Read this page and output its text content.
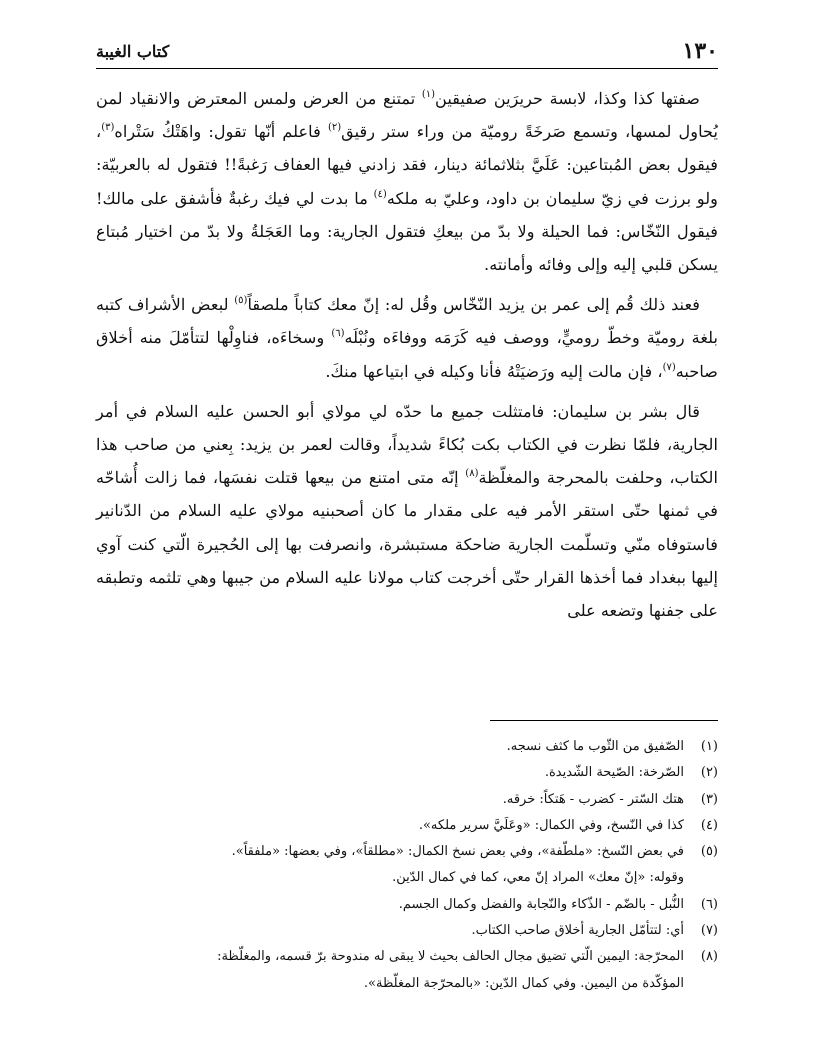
١٣٠
كتاب الغيبة

صفتها كذا وكذا، لابسة حريرَين صفيقين$^{(١)}$ تمتنع من العرض ولمس المعترض والانقياد لمن يُحاول لمسها، وتسمع صَرخَةً روميّة من وراء ستر رقيق$^{(٢)}$ فاعلم أنّها تقول: واهَتْكُ سَتْراه$^{(٣)}$، فيقول بعض المُبتاعين: عَلَيَّ بثلاثمائة دينار، فقد زادني فيها العفاف رَغبةً!! فتقول له بالعربيّة: ولو برزت في زيّ سليمان بن داود، وعليّ به ملكه$^{(٤)}$ ما بدت لي فيك رغبةٌ فأشفق على مالك! فيقول النّخّاس: فما الحيلة ولا بدّ من بيعكِ فتقول الجارية: وما العَجَلةُ ولا بدّ من اختيار مُبتاع يسكن قلبي إليه وإلى وفائه وأمانته.

فعند ذلك قُم إلى عمر بن يزيد النّخّاس وقُل له: إنّ معك كتاباً ملصقاً$^{(٥)}$ لبعض الأشراف كتبه بلغة روميّة وخطّ روميٍّ، ووصف فيه كَرَمَه ووفاءَه ونُبْلَه$^{(٦)}$ وسخاءَه، فناوِلْها لتتأمّلَ منه أخلاق صاحبه$^{(٧)}$، فإن مالت إليه ورَضيَتْهُ فأنا وكيله في ابتياعها منكَ.

قال بشر بن سليمان: فامتثلت جميع ما حدّه لي مولاي أبو الحسن عليه السلام في أمر الجارية، فلمّا نظرت في الكتاب بكت بُكاءً شديداً، وقالت لعمر بن يزيد: بِعني من صاحب هذا الكتاب، وحلفت بالمحرجة والمغلّظة$^{(٨)}$ إنّه متى امتنع من بيعها قتلت نفسَها، فما زالت أُشاحّه في ثمنها حتّى استقر الأمر فيه على مقدار ما كان أصحبنيه مولاي عليه السلام من الدّنانير فاستوفاه منّي وتسلّمت الجارية ضاحكة مستبشرة، وانصرفت بها إلى الحُجيرة الّتي كنت آوي إليها ببغداد فما أخذها القرار حتّى أخرجت كتاب مولانا عليه السلام من جيبها وهي تلثمه وتطبقه على جفنها وتضعه على

(١)
الصّفيق من الثّوب ما كثف نسجه.
(٢)
الصّرخة: الصّيحة الشّديدة.
(٣)
هتك السّتر - كضرب - هَتكاً: خرقه.
(٤)
كذا في النّسخ، وفي الكمال: «وعَلَيَّ سرير ملكه».
(٥)
في بعض النّسخ: «ملطّفة»، وفي بعض نسخ الكمال: «مطلقاً»، وفي بعضها: «ملفقاً».
وقوله: «إنّ معك» المراد إنّ معي، كما في كمال الدّين.
(٦)
النُّبل - بالضّم - الذّكاء والنّجابة والفضل وكمال الجسم.
(٧)
أي: لتتأمّل الجارية أخلاق صاحب الكتاب.
(٨)
المحرّجة: اليمين الّتي تضيق مجال الحالف بحيث لا يبقى له مندوحة برّ قسمه، والمغلّظة:
المؤكّدة من اليمين. وفي كمال الدّين: «بالمحرّجة المغلّظة».
